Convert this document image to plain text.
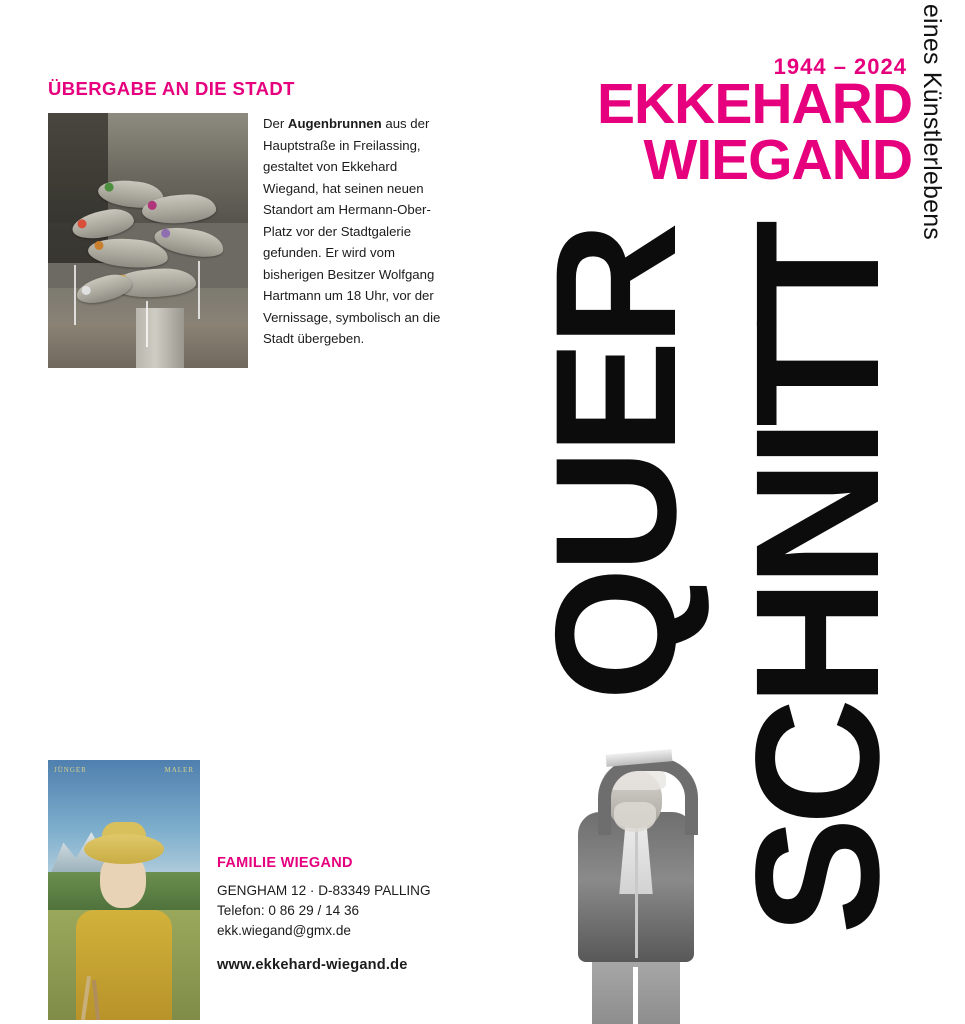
ÜBERGABE AN DIE STADT
Der Augenbrunnen aus der Hauptstraße in Freilassing, gestaltet von Ekkehard Wiegand, hat seinen neuen Standort am Hermann-Ober-Platz vor der Stadtgalerie gefunden. Er wird vom bisherigen Besitzer Wolfgang Hartmann um 18 Uhr, vor der Vernissage, symbolisch an die Stadt übergeben.
JÜNGER	MALER
FAMILIE WIEGAND
GENGHAM 12 · D-83349 PALLING
Telefon: 0 86 29 / 14 36
ekk.wiegand@gmx.de
www.ekkehard-wiegand.de
1944 – 2024
EKKEHARD
WIEGAND
QUER SCHNITT
eines Künstlerlebens
